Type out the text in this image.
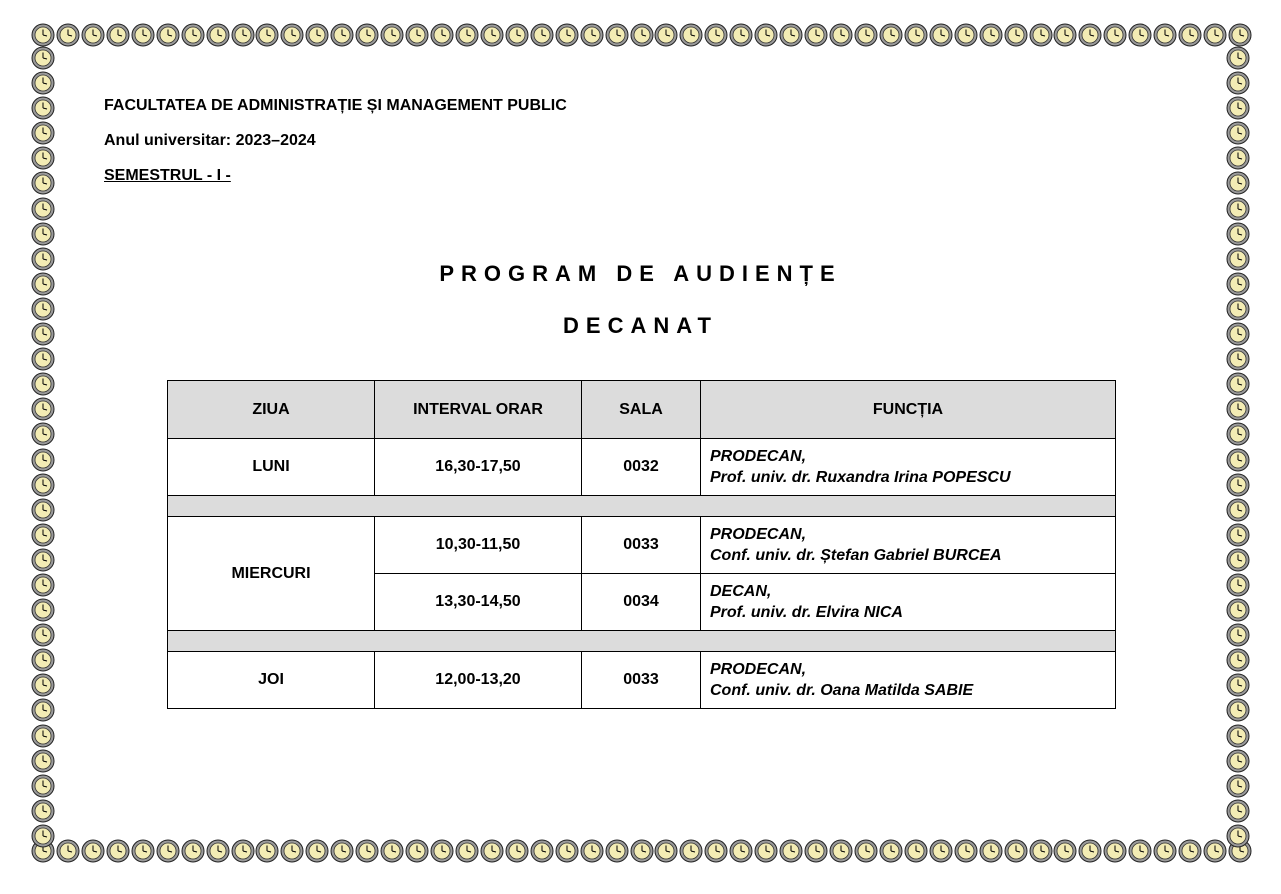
FACULTATEA DE ADMINISTRAȚIE ȘI MANAGEMENT PUBLIC
Anul universitar: 2023–2024
SEMESTRUL - I -
PROGRAM DE AUDIENȚE
DECANAT
ZIUA	INTERVAL ORAR	SALA	FUNCȚIA
LUNI	16,30-17,50	0032	PRODECAN,
Prof. univ. dr. Ruxandra Irina POPESCU

MIERCURI	10,30-11,50	0033	PRODECAN,
Conf. univ. dr. Ștefan Gabriel BURCEA

	13,30-14,50	0034	DECAN,
Prof. univ. dr. Elvira NICA

JOI	12,00-13,20	0033	PRODECAN,
Conf. univ. dr. Oana Matilda SABIE
